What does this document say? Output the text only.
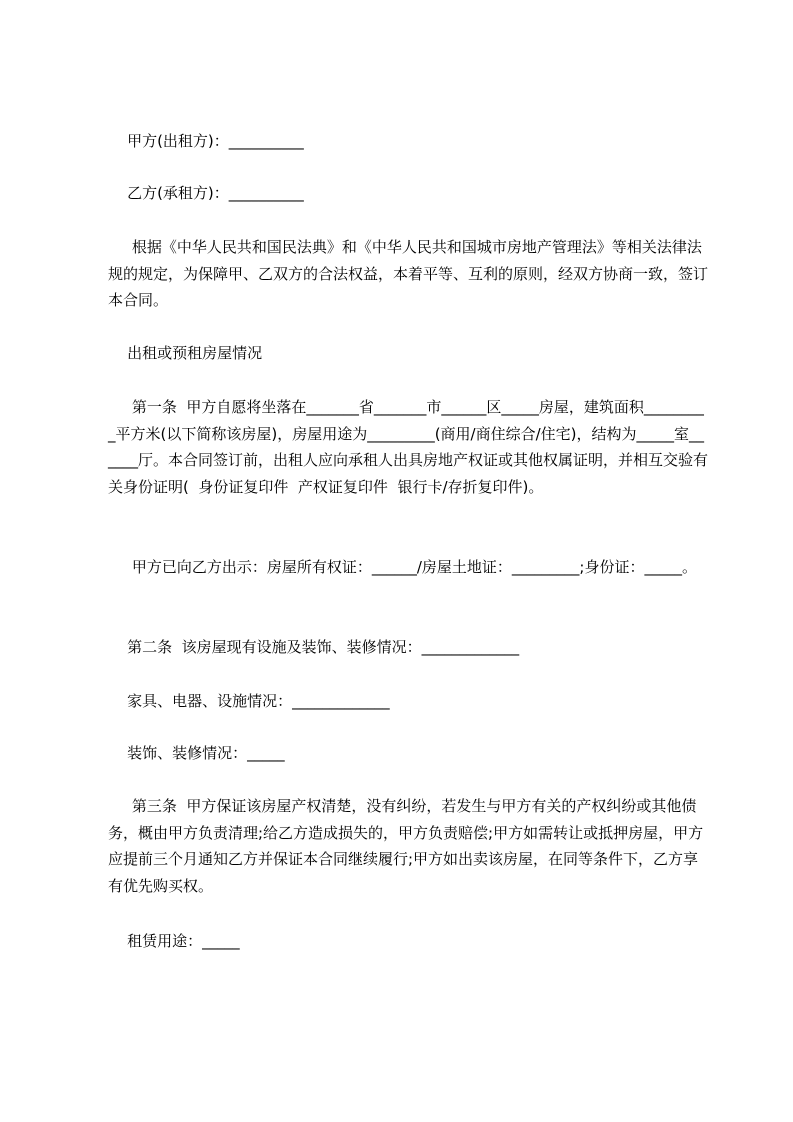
甲方(出租方)：__________

乙方(承租方)：__________

根据《中华人民共和国民法典》和《中华人民共和国城市房地产管理法》等相关法律法规的规定，为保障甲、乙双方的合法权益，本着平等、互利的原则，经双方协商一致，签订本合同。

出租或预租房屋情况

第一条  甲方自愿将坐落在_______省_______市______区_____房屋，建筑面积_________平方米(以下简称该房屋)，房屋用途为_________(商用/商住综合/住宅)，结构为_____室______厅。本合同签订前，出租人应向承租人出具房地产权证或其他权属证明，并相互交验有关身份证明(  身份证复印件  产权证复印件  银行卡/存折复印件)。

甲方已向乙方出示：房屋所有权证：______/房屋土地证：_________;身份证：_____。

第二条  该房屋现有设施及装饰、装修情况：_____________

家具、电器、设施情况：_____________

装饰、装修情况：_____

第三条  甲方保证该房屋产权清楚，没有纠纷，若发生与甲方有关的产权纠纷或其他债务，概由甲方负责清理;给乙方造成损失的，甲方负责赔偿;甲方如需转让或抵押房屋，甲方应提前三个月通知乙方并保证本合同继续履行;甲方如出卖该房屋，在同等条件下，乙方享有优先购买权。

租赁用途：_____
